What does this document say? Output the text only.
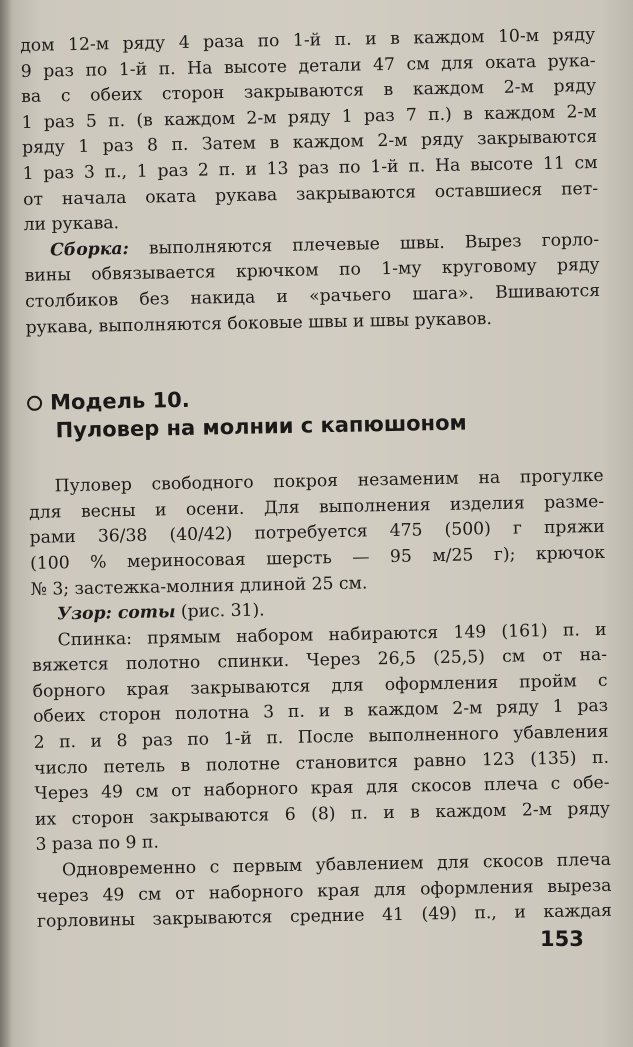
дом 12-м ряду 4 раза по 1-й п. и в каждом 10-м ряду
9 раз по 1-й п. На высоте детали 47 см для оката рука-
ва с обеих сторон закрываются в каждом 2-м ряду
1 раз 5 п. (в каждом 2-м ряду 1 раз 7 п.) в каждом 2-м
ряду 1 раз 8 п. Затем в каждом 2-м ряду закрываются
1 раз 3 п., 1 раз 2 п. и 13 раз по 1-й п. На высоте 11 см
от начала оката рукава закрываются оставшиеся пет-
ли рукава.
Сборка: выполняются плечевые швы. Вырез горло-
вины обвязывается крючком по 1-му круговому ряду
столбиков без накида и «рачьего шага». Вшиваются
рукава, выполняются боковые швы и швы рукавов.
Модель 10.
Пуловер на молнии с капюшоном
Пуловер свободного покроя незаменим на прогулке
для весны и осени. Для выполнения изделия разме-
рами 36/38 (40/42) потребуется 475 (500) г пряжи
(100 % мериносовая шерсть — 95 м/25 г); крючок
№ 3; застежка-молния длиной 25 см.
Узор: соты (рис. 31).
Спинка: прямым набором набираются 149 (161) п. и
вяжется полотно спинки. Через 26,5 (25,5) см от на-
борного края закрываются для оформления пройм с
обеих сторон полотна 3 п. и в каждом 2-м ряду 1 раз
2 п. и 8 раз по 1-й п. После выполненного убавления
число петель в полотне становится равно 123 (135) п.
Через 49 см от наборного края для скосов плеча с обе-
их сторон закрываются 6 (8) п. и в каждом 2-м ряду
3 раза по 9 п.
Одновременно с первым убавлением для скосов плеча
через 49 см от наборного края для оформления выреза
горловины закрываются средние 41 (49) п., и каждая
153
